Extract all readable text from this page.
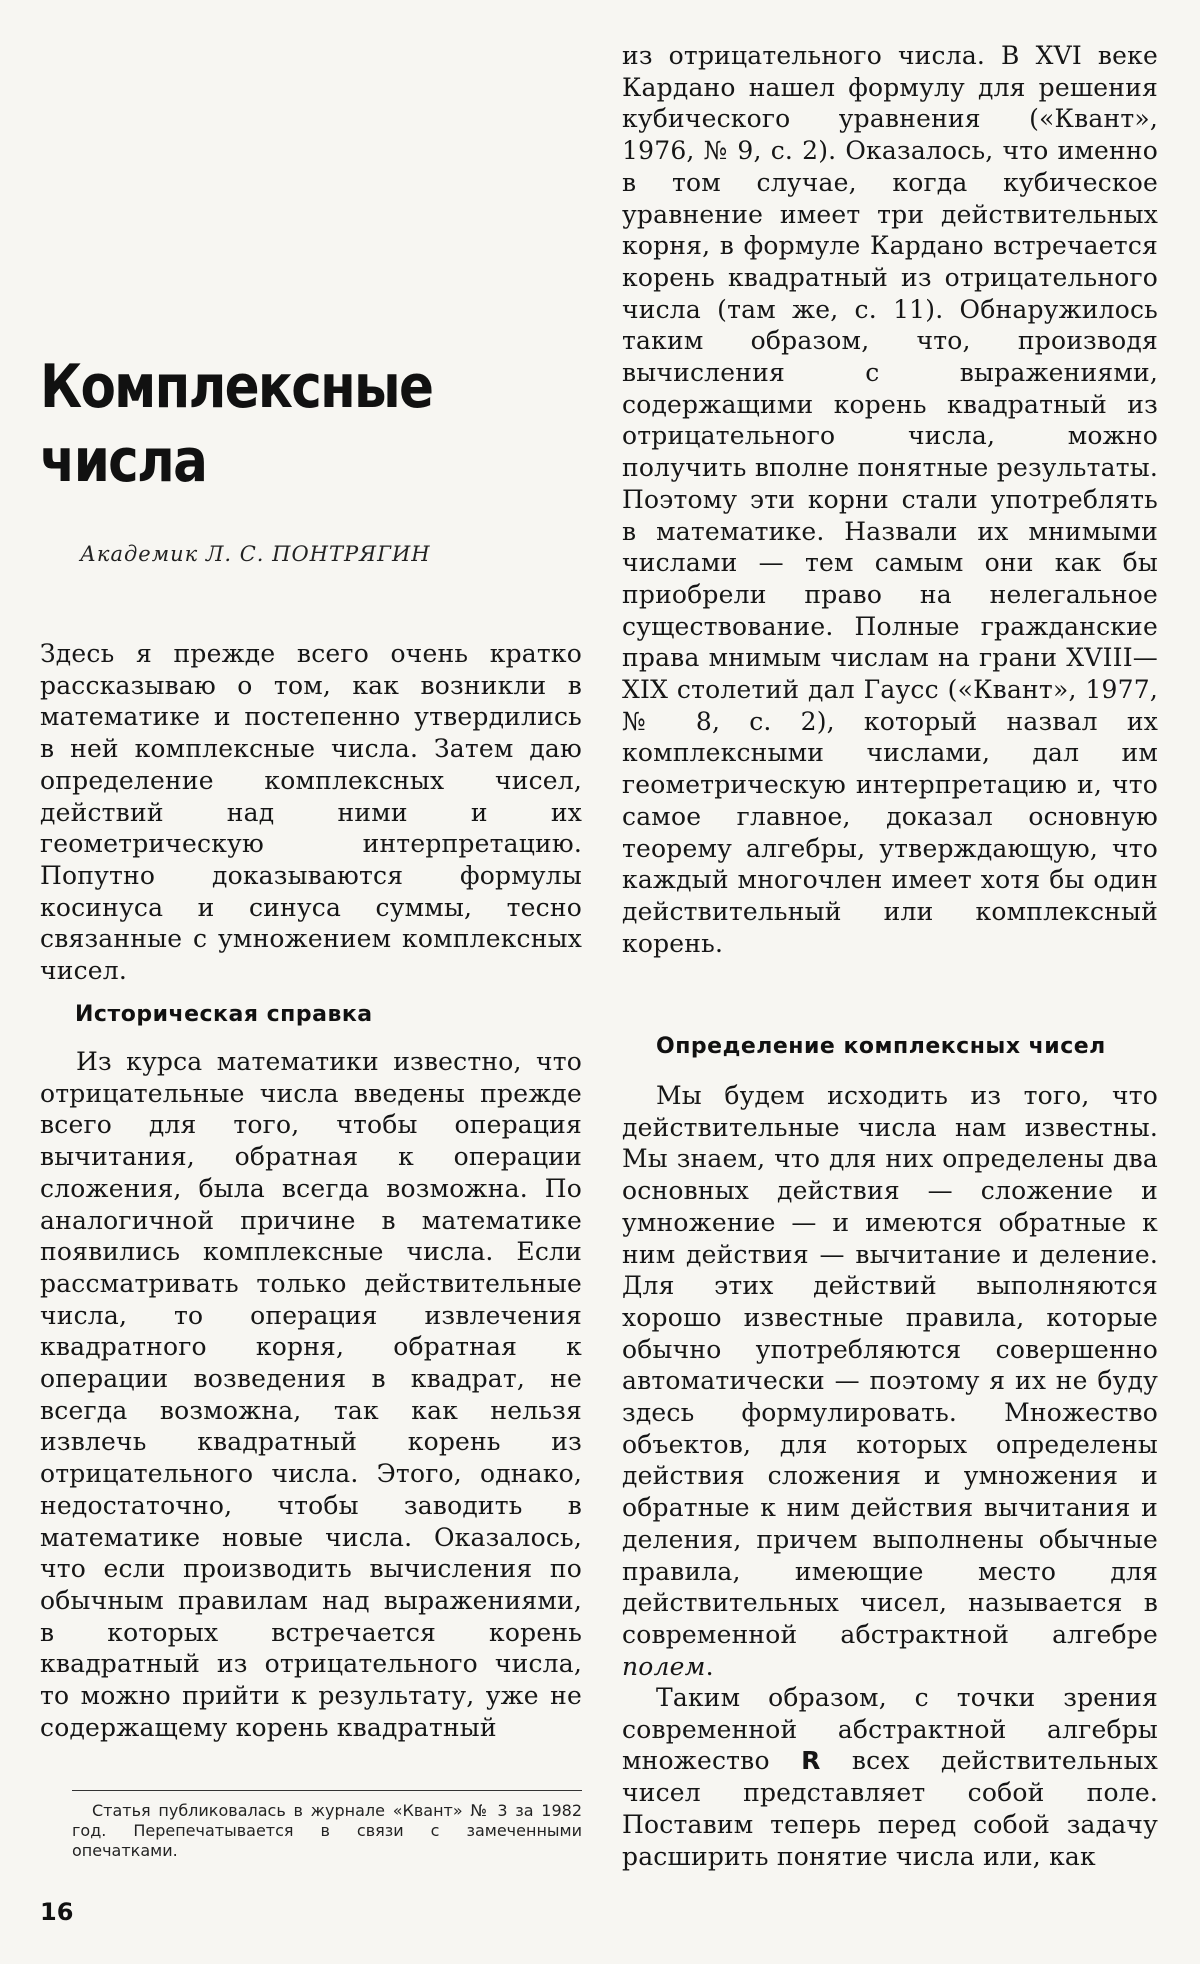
Комплексные
числа

Академик Л. С. ПОНТРЯГИН

Здесь я прежде всего очень кратко рассказываю о том, как возникли в математике и постепенно утвердились в ней комплексные числа. Затем даю определение комплексных чисел, действий над ними и их геометрическую интерпретацию. Попутно доказываются формулы косинуса и синуса суммы, тесно связанные с умножением комплексных чисел.

Историческая справка

Из курса математики известно, что отрицательные числа введены прежде всего для того, чтобы операция вычитания, обратная к операции сложения, была всегда возможна. По аналогичной причине в математике появились комплексные числа. Если рассматривать только действительные числа, то операция извлечения квадратного корня, обратная к операции возведения в квадрат, не всегда возможна, так как нельзя извлечь квадратный корень из отрицательного числа. Этого, однако, недостаточно, чтобы заводить в математике новые числа. Оказалось, что если производить вычисления по обычным правилам над выражениями, в которых встречается корень квадратный из отрицательного числа, то можно прийти к результату, уже не содержащему корень квадратный

Статья публиковалась в журнале «Квант» № 3 за 1982 год. Перепечатывается в связи с замеченными опечатками.

16

из отрицательного числа. В XVI веке Кардано нашел формулу для решения кубического уравнения («Квант», 1976, № 9, с. 2). Оказалось, что именно в том случае, когда кубическое уравнение имеет три действительных корня, в формуле Кардано встречается корень квадратный из отрицательного числа (там же, с. 11). Обнаружилось таким образом, что, производя вычисления с выражениями, содержащими корень квадратный из отрицательного числа, можно получить вполне понятные результаты. Поэтому эти корни стали употреблять в математике. Назвали их мнимыми числами — тем самым они как бы приобрели право на нелегальное существование. Полные гражданские права мнимым числам на грани XVIII—XIX столетий дал Гаусс («Квант», 1977, № 8, с. 2), который назвал их комплексными числами, дал им геометрическую интерпретацию и, что самое главное, доказал основную теорему алгебры, утверждающую, что каждый многочлен имеет хотя бы один действительный или комплексный корень.

Определение комплексных чисел

Мы будем исходить из того, что действительные числа нам известны. Мы знаем, что для них определены два основных действия — сложение и умножение — и имеются обратные к ним действия — вычитание и деление. Для этих действий выполняются хорошо известные правила, которые обычно употребляются совершенно автоматически — поэтому я их не буду здесь формулировать. Множество объектов, для которых определены действия сложения и умножения и обратные к ним действия вычитания и деления, причем выполнены обычные правила, имеющие место для действительных чисел, называется в современной абстрактной алгебре полем.

Таким образом, с точки зрения современной абстрактной алгебры множество R всех действительных чисел представляет собой поле. Поставим теперь перед собой задачу расширить понятие числа или, как
